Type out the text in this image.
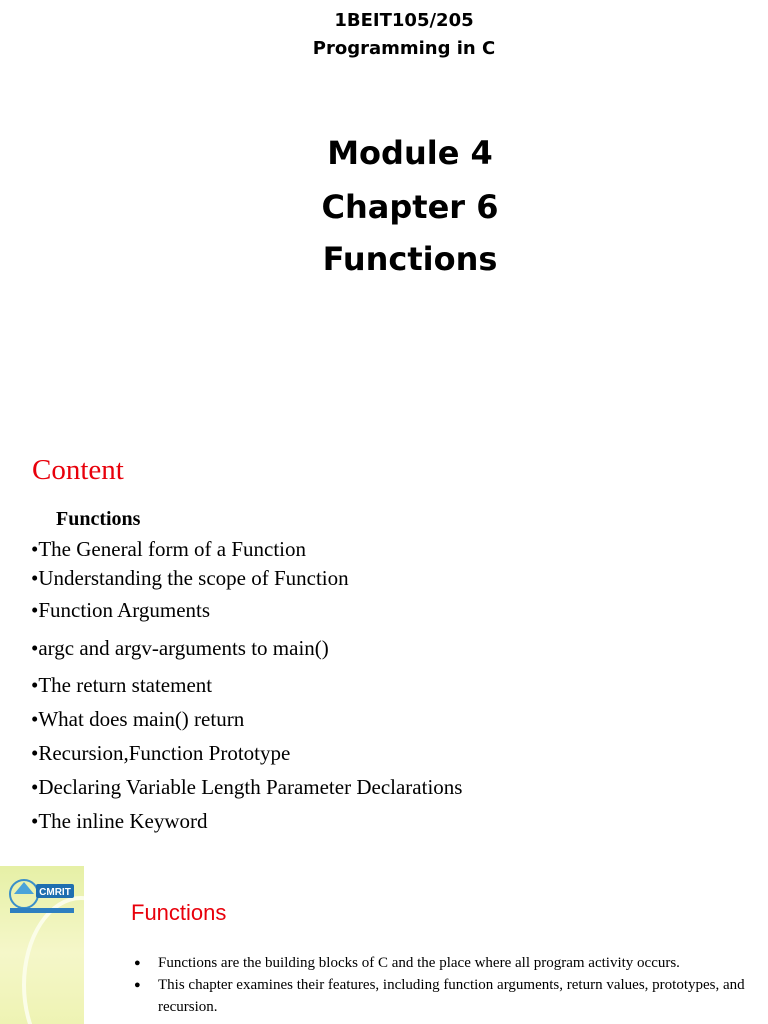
1BEIT105/205
Programming in C
Module 4
Chapter 6
Functions
Content
Functions
•The General form of a Function
•Understanding the scope of Function
•Function Arguments
•argc and argv-arguments to main()
•The return statement
•What does main() return
•Recursion,Function Prototype
•Declaring Variable Length Parameter Declarations
•The inline Keyword
CMRIT
Functions
● Functions are the building blocks of C and the place where all program activity occurs.
● This chapter examines their features, including function arguments, return values, prototypes, and recursion.
